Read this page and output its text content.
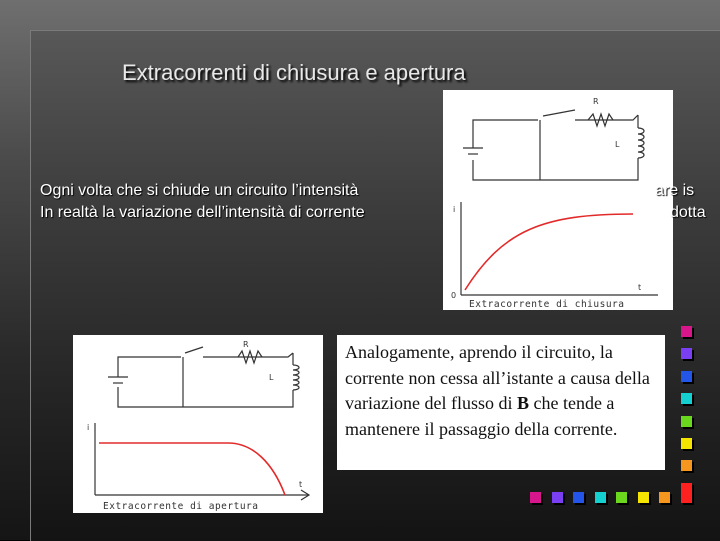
Extracorrenti di chiusura e apertura
Ogni volta che si chiude un circuito l’intensità
In realtà la variazione dell’intensità di corrente
R
L
i
t
0
Extracorrente di chiusura
are is
dotta
R
L
i
t
Extracorrente di apertura
Analogamente, aprendo il circuito, la corrente non cessa all’istante a causa della variazione del flusso di B che tende a mantenere il passaggio della corrente.
